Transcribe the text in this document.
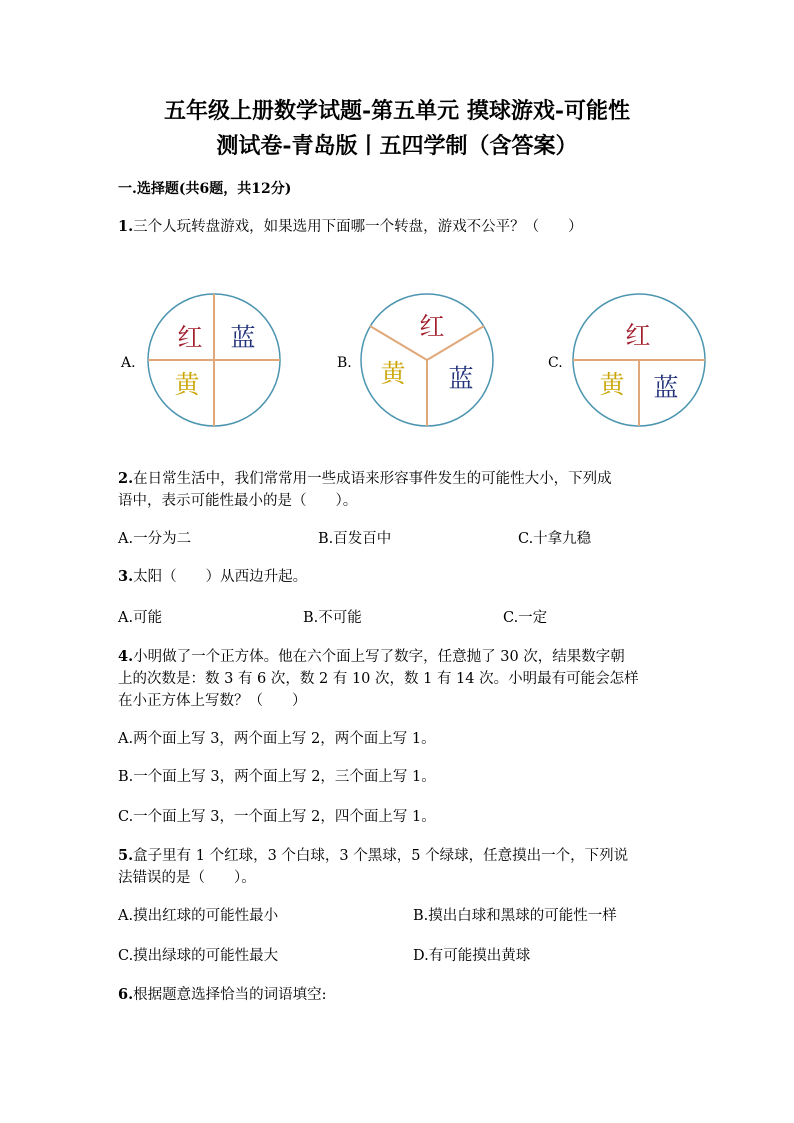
五年级上册数学试题-第五单元 摸球游戏-可能性
测试卷-青岛版丨五四学制（含答案）
一.选择题(共6题，共12分)
1.三个人玩转盘游戏，如果选用下面哪一个转盘，游戏不公平？（　　）
A.
红 蓝
黄
B.
红
黄 蓝
C.
红
黄 蓝
2.在日常生活中，我们常常用一些成语来形容事件发生的可能性大小，下列成
语中，表示可能性最小的是（　　）。
A.一分为二	B.百发百中	C.十拿九稳
3.太阳（　　）从西边升起。
A.可能	B.不可能	C.一定
4.小明做了一个正方体。他在六个面上写了数字，任意抛了 30 次，结果数字朝
上的次数是：数 3 有 6 次，数 2 有 10 次，数 1 有 14 次。小明最有可能会怎样
在小正方体上写数？（　　）
A.两个面上写 3，两个面上写 2，两个面上写 1。
B.一个面上写 3，两个面上写 2，三个面上写 1。
C.一个面上写 3，一个面上写 2，四个面上写 1。
5.盒子里有 1 个红球，3 个白球，3 个黑球，5 个绿球，任意摸出一个，下列说
法错误的是（　　）。
A.摸出红球的可能性最小	B.摸出白球和黑球的可能性一样
C.摸出绿球的可能性最大	D.有可能摸出黄球
6.根据题意选择恰当的词语填空:
